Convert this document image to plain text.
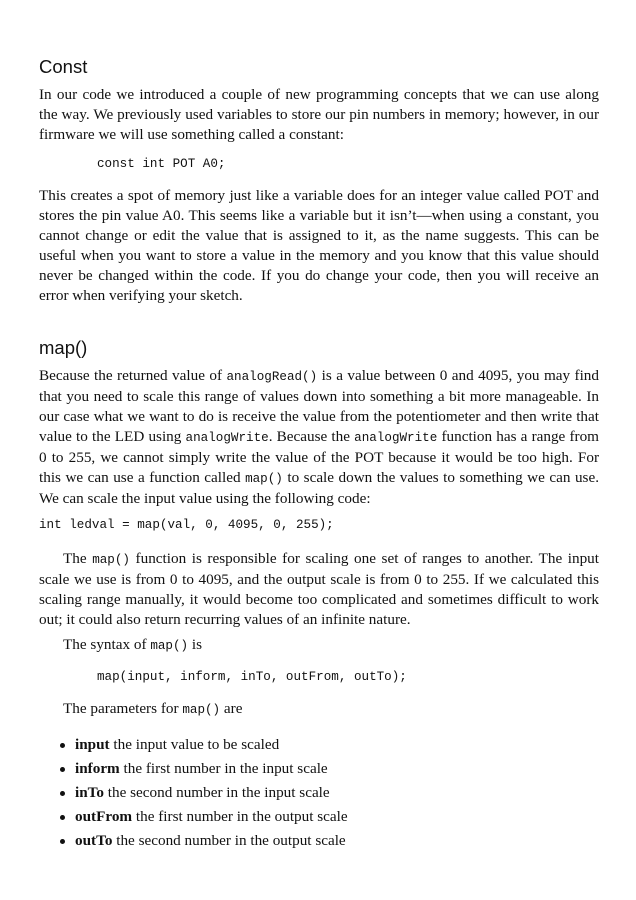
Const

In our code we introduced a couple of new programming concepts that we can use along the way. We previously used variables to store our pin numbers in memory; however, in our firmware we will use something called a constant:

const int POT A0;

This creates a spot of memory just like a variable does for an integer value called POT and stores the pin value A0. This seems like a variable but it isn’t—when using a constant, you cannot change or edit the value that is assigned to it, as the name suggests. This can be useful when you want to store a value in the memory and you know that this value should never be changed within the code. If you do change your code, then you will receive an error when verifying your sketch.

map()

Because the returned value of analogRead() is a value between 0 and 4095, you may find that you need to scale this range of values down into something a bit more manageable. In our case what we want to do is receive the value from the potentiometer and then write that value to the LED using analogWrite. Because the analogWrite function has a range from 0 to 255, we cannot simply write the value of the POT because it would be too high. For this we can use a function called map() to scale down the values to something we can use. We can scale the input value using the following code:

int ledval = map(val, 0, 4095, 0, 255);

The map() function is responsible for scaling one set of ranges to another. The input scale we use is from 0 to 4095, and the output scale is from 0 to 255. If we calculated this scaling range manually, it would become too complicated and sometimes difficult to work out; it could also return recurring values of an infinite nature.

The syntax of map() is

map(input, inform, inTo, outFrom, outTo);

The parameters for map() are

input the input value to be scaled
inform the first number in the input scale
inTo the second number in the input scale
outFrom the first number in the output scale
outTo the second number in the output scale
